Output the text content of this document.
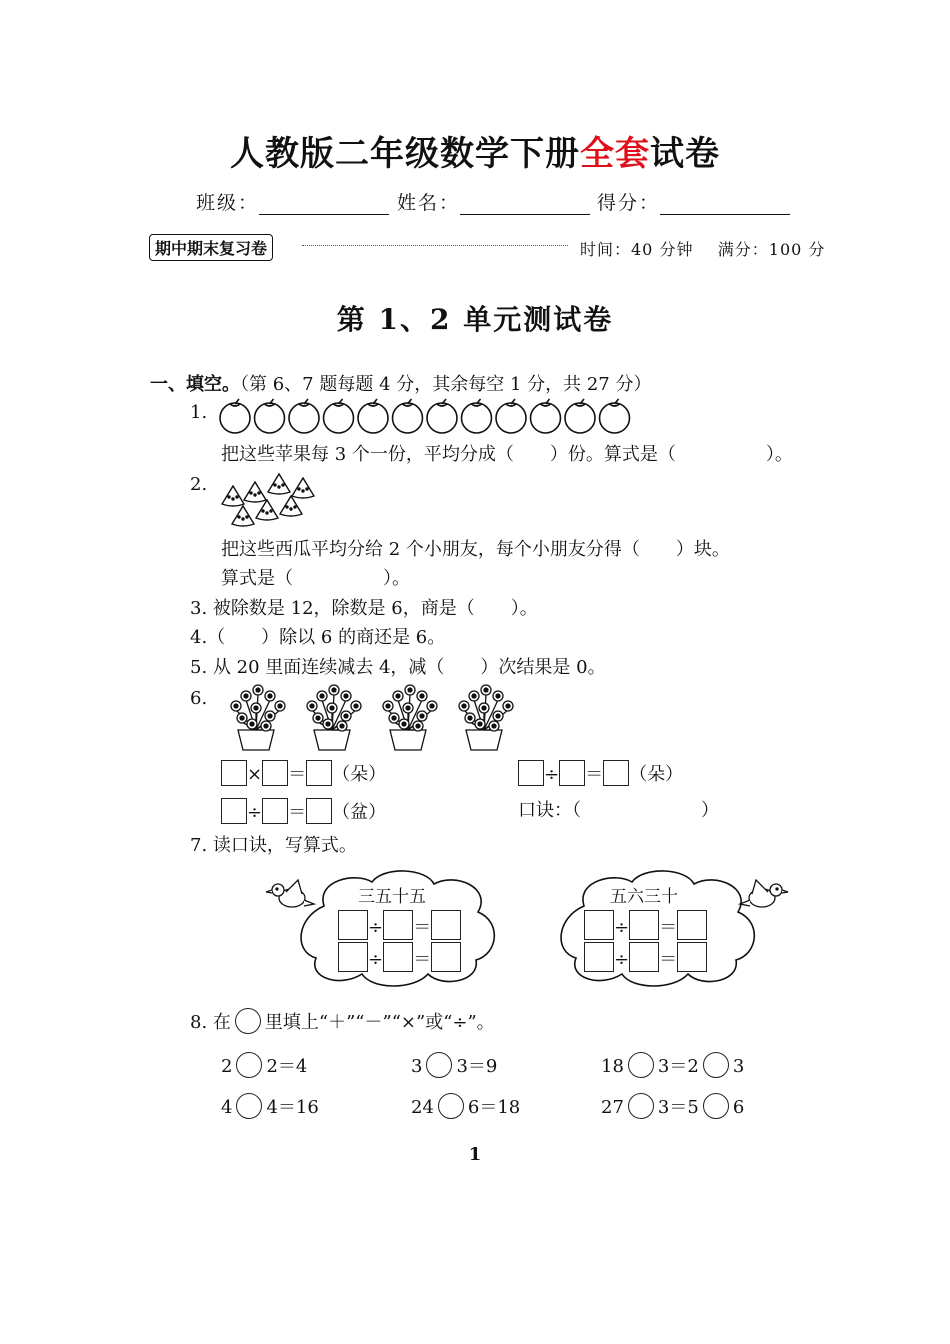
人教版二年级数学下册全套试卷
班级：	姓名：	得分：
期中期末复习卷	时间：40 分钟 满分：100 分
第 1、2 单元测试卷
一、填空。（第 6、7 题每题 4 分，其余每空 1 分，共 27 分）
1.
把这些苹果每 3 个一份，平均分成（　　）份。算式是（　　　　　）。
2.
把这些西瓜平均分给 2 个小朋友，每个小朋友分得（　　）块。
算式是（　　　　　）。
3. 被除数是 12，除数是 6，商是（　　）。
4.（　　）除以 6 的商还是 6。
5. 从 20 里面连续减去 4，减（　　）次结果是 0。
6.
× ＝ （朵）	÷ ＝ （朵）
÷ ＝ （盆）	口诀：（	）
7. 读口诀，写算式。
三五十五
÷ ＝
÷ ＝
五六三十
÷ ＝
÷ ＝
8. 在 里填上“＋”“－”“×”或“÷”。
2 2＝4	3 3＝9	18 3＝2 3
4 4＝16	24 6＝18	27 3＝5 6
1
